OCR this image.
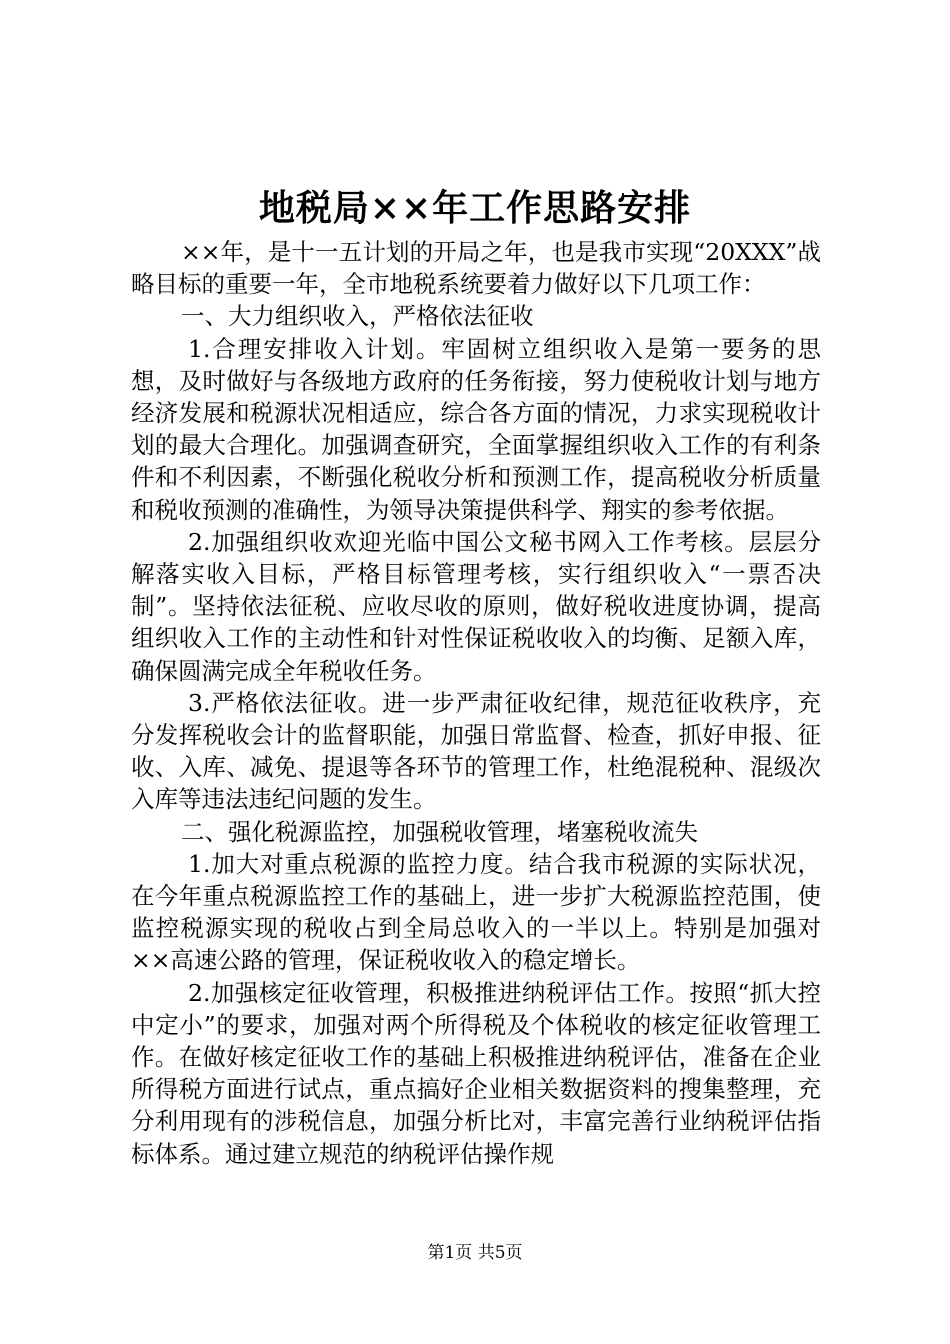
地税局××年工作思路安排

××年，是十一五计划的开局之年，也是我市实现“20XXX”战略目标的重要一年，全市地税系统要着力做好以下几项工作：

一、大力组织收入，严格依法征收

1.合理安排收入计划。牢固树立组织收入是第一要务的思想，及时做好与各级地方政府的任务衔接，努力使税收计划与地方经济发展和税源状况相适应，综合各方面的情况，力求实现税收计划的最大合理化。加强调查研究，全面掌握组织收入工作的有利条件和不利因素，不断强化税收分析和预测工作，提高税收分析质量和税收预测的准确性，为领导决策提供科学、翔实的参考依据。

2.加强组织收欢迎光临中国公文秘书网入工作考核。层层分解落实收入目标，严格目标管理考核，实行组织收入“一票否决制”。坚持依法征税、应收尽收的原则，做好税收进度协调，提高组织收入工作的主动性和针对性保证税收收入的均衡、足额入库，确保圆满完成全年税收任务。

3.严格依法征收。进一步严肃征收纪律，规范征收秩序，充分发挥税收会计的监督职能，加强日常监督、检查，抓好申报、征收、入库、减免、提退等各环节的管理工作，杜绝混税种、混级次入库等违法违纪问题的发生。

二、强化税源监控，加强税收管理，堵塞税收流失

1.加大对重点税源的监控力度。结合我市税源的实际状况，在今年重点税源监控工作的基础上，进一步扩大税源监控范围，使监控税源实现的税收占到全局总收入的一半以上。特别是加强对××高速公路的管理，保证税收收入的稳定增长。

2.加强核定征收管理，积极推进纳税评估工作。按照“抓大控中定小”的要求，加强对两个所得税及个体税收的核定征收管理工作。在做好核定征收工作的基础上积极推进纳税评估，准备在企业所得税方面进行试点，重点搞好企业相关数据资料的搜集整理，充分利用现有的涉税信息，加强分析比对，丰富完善行业纳税评估指标体系。通过建立规范的纳税评估操作规

第1页 共5页
